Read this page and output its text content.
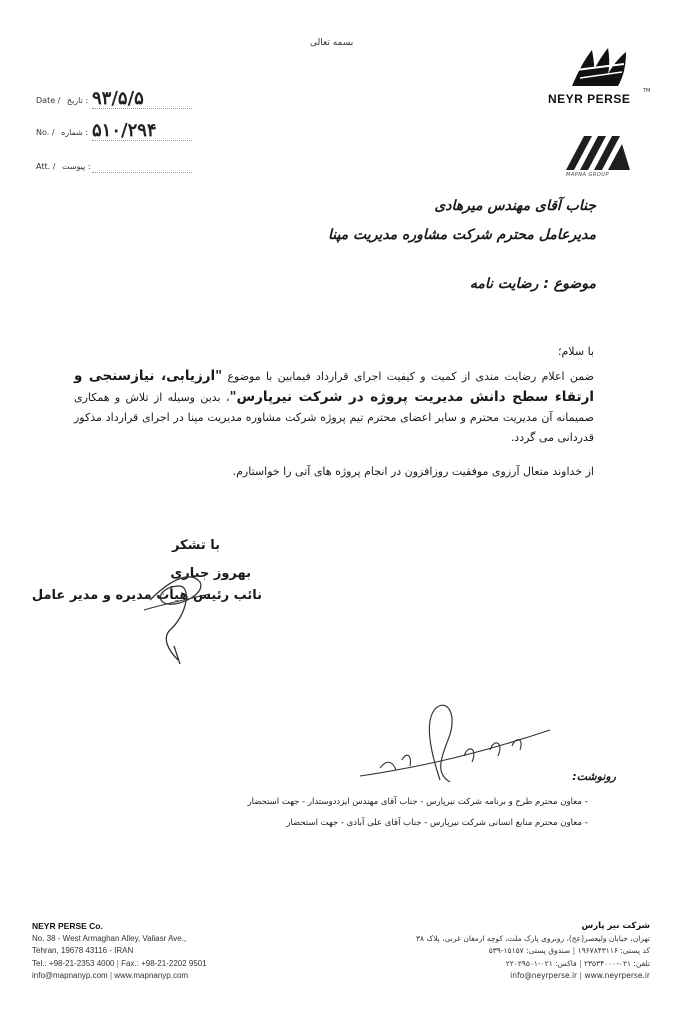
بسمه تعالی
Date / تاریخ : ۹۳/۵/۵
No. / شماره : ۵۱۰/۲۹۴
Att. / پیوست :
NEYR PERSE
TM
MAPNA GROUP
جناب آقای مهندس میرهادی
مدیرعامل محترم شرکت مشاوره مدیریت مپنا
موضوع : رضایت نامه
با سلام؛
ضمن اعلام رضایت مندی از کمیت و کیفیت اجرای قرارداد فیمابین با موضوع "ارزیابی، نیازسنجی و ارتقاء سطح دانش مدیریت پروژه در شرکت نیرپارس"، بدین وسیله از تلاش و همکاری صمیمانه آن مدیریت محترم و سایر اعضای محترم تیم پروژه شرکت مشاوره مدیریت مپنا در اجرای قرارداد مذکور قدردانی می گردد.
از خداوند متعال آرزوی موفقیت روزافزون در انجام پروژه های آتی را خواستارم.
با تشکر
بهروز جباری
نائب رئیس هیأت مدیره و مدیر عامل
رونوشت:
- معاون محترم طرح و برنامه شرکت نیرپارس - جناب آقای مهندس ایزددوستدار - جهت استحضار
- معاون محترم منابع انسانی شرکت نیرپارس - جناب آقای علی آبادی - جهت استحضار
NEYR PERSE Co.
No. 38 - West Armaghan Alley, Valiasr Ave.,
Tehran, 19678 43116 - IRAN
Tel.: +98-21-2353 4000 | Fax.: +98-21-2202 9501
info@mapnanyp.com | www.mapnanyp.com
شرکت نیر پارس
تهران، خیابان ولیعصر(عج)، روبروی پارک ملت، کوچه ارمغان غربی، پلاک ۳۸
کد پستی: ۱۹۶۷۸۴۳۱۱۶ | صندوق پستی: ۱۵۱۵۷-۵۳۹
تلفن: ۰۲۱-۲۳۵۳۴۰۰۰ | فاکس: ۰۲۱-۲۲۰۲۹۵۰۱
info@neyrperse.ir | www.neyrperse.ir
